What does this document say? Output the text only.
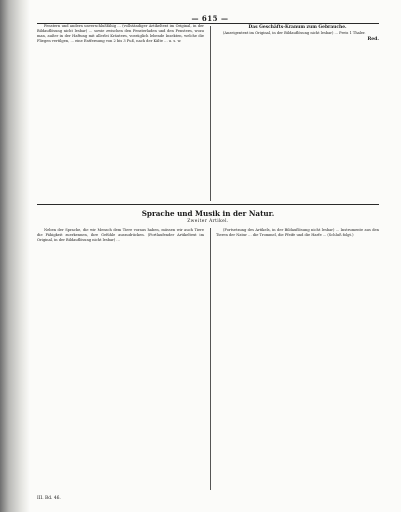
— 615 —

Fenstern und andern unverschlußfähig ... (vollständiger Artikeltext im Original, in der Bildauflösung nicht lesbar) ... sowie zwischen den Fensterladen und den Fenstern, wozu man, außer in der Haftung mit allerlei Kräutern, vorzüglich lebende Insekten, welche die Fliegen vertilgen, ... eine Entfernung von 2 bis 3 Fuß, nach der Kälte ... u. s. w.

Das Geschäfts-Kranum zum Gebrauche.

(Anzeigentext im Original, in der Bildauflösung nicht lesbar) ... Preis 1 Thaler.

Red.
Sprache und Musik in der Natur.
Zweiter Artikel.

Neben der Sprache, die wir Mensch dem Tiere voraus haben, müssen wir auch Tiere die Fähigkeit zuerkennen, ihre Gefühle auszudrücken. (Fortlaufender Artikeltext im Original, in der Bildauflösung nicht lesbar) ...

(Fortsetzung des Artikels, in der Bildauflösung nicht lesbar) ... Instrumente aus den Tieren der Natur ... die Trommel, die Pfeife und die Harfe ... (Schluß folgt.)

III. Bd. 46.
